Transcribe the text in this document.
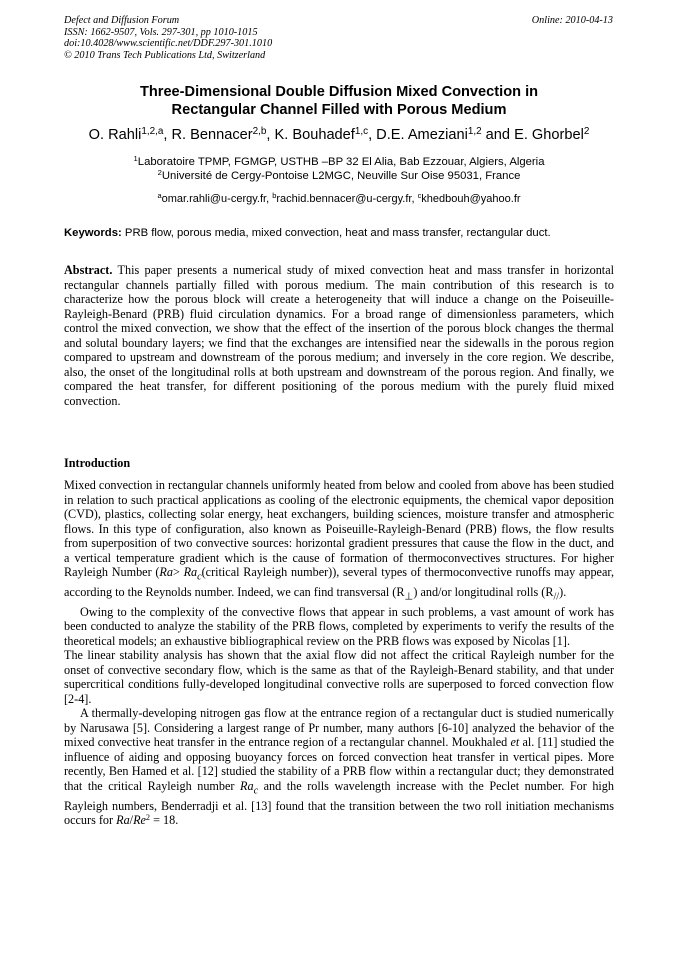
Defect and Diffusion Forum
ISSN: 1662-9507, Vols. 297-301, pp 1010-1015
doi:10.4028/www.scientific.net/DDF.297-301.1010
© 2010 Trans Tech Publications Ltd, Switzerland
Online: 2010-04-13
Three-Dimensional Double Diffusion Mixed Convection in
Rectangular Channel Filled with Porous Medium
O. Rahli$^{1,2,a}$, R. Bennacer$^{2,b}$, K. Bouhadef$^{1,c}$, D.E. Ameziani$^{1,2}$ and E. Ghorbel$^2$
$^1$Laboratoire TPMP, FGMGP, USTHB –BP 32 El Alia, Bab Ezzouar, Algiers, Algeria
$^2$Université de Cergy-Pontoise L2MGC, Neuville Sur Oise 95031, France
$^a$omar.rahli@u-cergy.fr, $^b$rachid.bennacer@u-cergy.fr, $^c$khedbouh@yahoo.fr
Keywords: PRB flow, porous media, mixed convection, heat and mass transfer, rectangular duct.

Abstract. This paper presents a numerical study of mixed convection heat and mass transfer in horizontal rectangular channels partially filled with porous medium. The main contribution of this research is to characterize how the porous block will create a heterogeneity that will induce a change on the Poiseuille-Rayleigh-Benard (PRB) fluid circulation dynamics. For a broad range of dimensionless parameters, which control the mixed convection, we show that the effect of the insertion of the porous block changes the thermal and solutal boundary layers; we find that the exchanges are intensified near the sidewalls in the porous region compared to upstream and downstream of the porous medium; and inversely in the core region. We describe, also, the onset of the longitudinal rolls at both upstream and downstream of the porous region. And finally, we compared the heat transfer, for different positioning of the porous medium with the purely fluid mixed convection.

Introduction

Mixed convection in rectangular channels uniformly heated from below and cooled from above has been studied in relation to such practical applications as cooling of the electronic equipments, the chemical vapor deposition (CVD), plastics, collecting solar energy, heat exchangers, building sciences, moisture transfer and atmospheric flows. In this type of configuration, also known as Poiseuille-Rayleigh-Benard (PRB) flows, the flow results from superposition of two convective sources: horizontal gradient pressures that cause the flow in the duct, and a vertical temperature gradient which is the cause of formation of thermoconvectives structures. For higher Rayleigh Number ($Ra> Ra_c(critical$ Rayleigh number)), several types of thermoconvective runoffs may appear, according to the Reynolds number. Indeed, we can find transversal $(R_\perp)$ and/or longitudinal rolls $(R_{//})$.

Owing to the complexity of the convective flows that appear in such problems, a vast amount of work has been conducted to analyze the stability of the PRB flows, completed by experiments to verify the results of the theoretical models; an exhaustive bibliographical review on the PRB flows was exposed by Nicolas [1].

The linear stability analysis has shown that the axial flow did not affect the critical Rayleigh number for the onset of convective secondary flow, which is the same as that of the Rayleigh-Benard stability, and that under supercritical conditions fully-developed longitudinal convective rolls are superposed to forced convection flow [2-4].

A thermally-developing nitrogen gas flow at the entrance region of a rectangular duct is studied numerically by Narusawa [5]. Considering a largest range of Pr number, many authors [6-10] analyzed the behavior of the mixed convective heat transfer in the entrance region of a rectangular channel. Moukhaled et al. [11] studied the influence of aiding and opposing buoyancy forces on forced convection heat transfer in vertical pipes. More recently, Ben Hamed et al. [12] studied the stability of a PRB flow within a rectangular duct; they demonstrated that the critical Rayleigh number $Ra_c$ and the rolls wavelength increase with the Peclet number. For high Rayleigh numbers, Benderradji et al. [13] found that the transition between the two roll initiation mechanisms occurs for $Ra/Re^2 = 18$.
